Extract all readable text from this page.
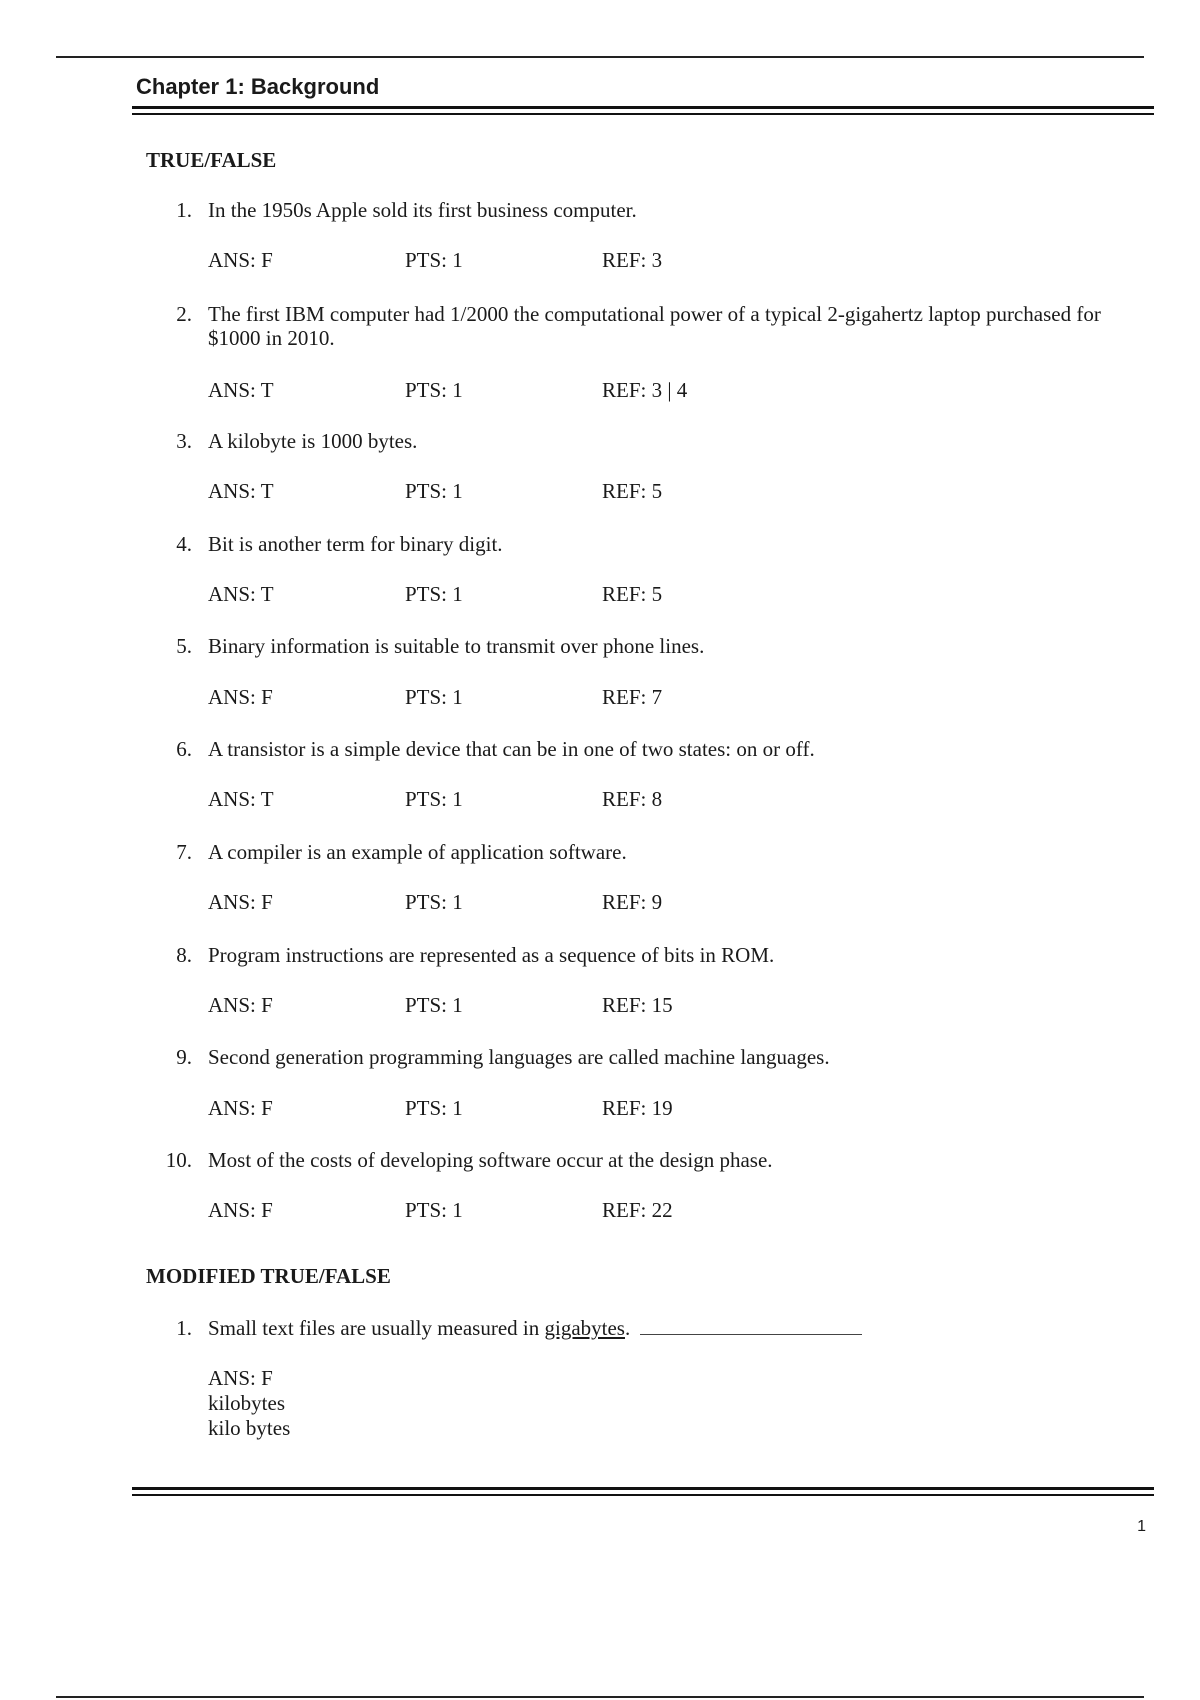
Chapter 1: Background
TRUE/FALSE
1. In the 1950s Apple sold its first business computer.
ANS: F	PTS: 1	REF: 3
2. The first IBM computer had 1/2000 the computational power of a typical 2-gigahertz laptop purchased for $1000 in 2010.
ANS: T	PTS: 1	REF: 3 | 4
3. A kilobyte is 1000 bytes.
ANS: T	PTS: 1	REF: 5
4. Bit is another term for binary digit.
ANS: T	PTS: 1	REF: 5
5. Binary information is suitable to transmit over phone lines.
ANS: F	PTS: 1	REF: 7
6. A transistor is a simple device that can be in one of two states: on or off.
ANS: T	PTS: 1	REF: 8
7. A compiler is an example of application software.
ANS: F	PTS: 1	REF: 9
8. Program instructions are represented as a sequence of bits in ROM.
ANS: F	PTS: 1	REF: 15
9. Second generation programming languages are called machine languages.
ANS: F	PTS: 1	REF: 19
10. Most of the costs of developing software occur at the design phase.
ANS: F	PTS: 1	REF: 22
MODIFIED TRUE/FALSE
1. Small text files are usually measured in gigabytes.
ANS: F
kilobytes
kilo bytes
1
